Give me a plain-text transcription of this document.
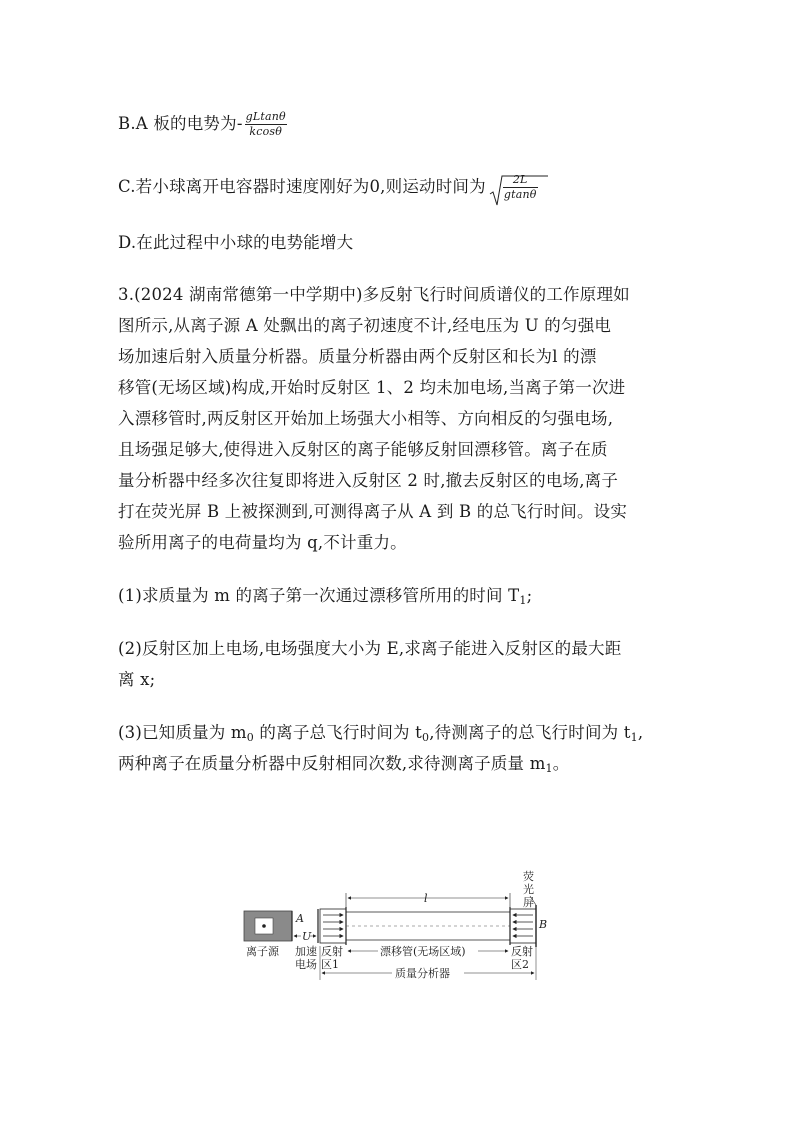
B.A 板的电势为- $\frac{gLtan\theta}{kcos\theta}$
C.若小球离开电容器时速度刚好为0,则运动时间为 $\frac{2L}{gtan\theta}$
D.在此过程中小球的电势能增大
3.(2024 湖南常德第一中学期中)多反射飞行时间质谱仪的工作原理如
图所示,从离子源 A 处飘出的离子初速度不计,经电压为 U 的匀强电
场加速后射入质量分析器。质量分析器由两个反射区和长为l 的漂
移管(无场区域)构成,开始时反射区 1、2 均未加电场,当离子第一次进
入漂移管时,两反射区开始加上场强大小相等、方向相反的匀强电场,
且场强足够大,使得进入反射区的离子能够反射回漂移管。离子在质
量分析器中经多次往复即将进入反射区 2 时,撤去反射区的电场,离子
打在荧光屏 B 上被探测到,可测得离子从 A 到 B 的总飞行时间。设实
验所用离子的电荷量均为 q,不计重力。
(1)求质量为 m 的离子第一次通过漂移管所用的时间 $T_1$;
(2)反射区加上电场,电场强度大小为 E,求离子能进入反射区的最大距
离 x;
(3)已知质量为 $m_0$ 的离子总飞行时间为 $t_0$,待测离子的总飞行时间为 $t_1$,
两种离子在质量分析器中反射相同次数,求待测离子质量 $m_1$。
l
U
A	B
荧
光
屏
离子源 加速
电场
反射
区1
反射
区2
漂移管(无场区域)
质量分析器
